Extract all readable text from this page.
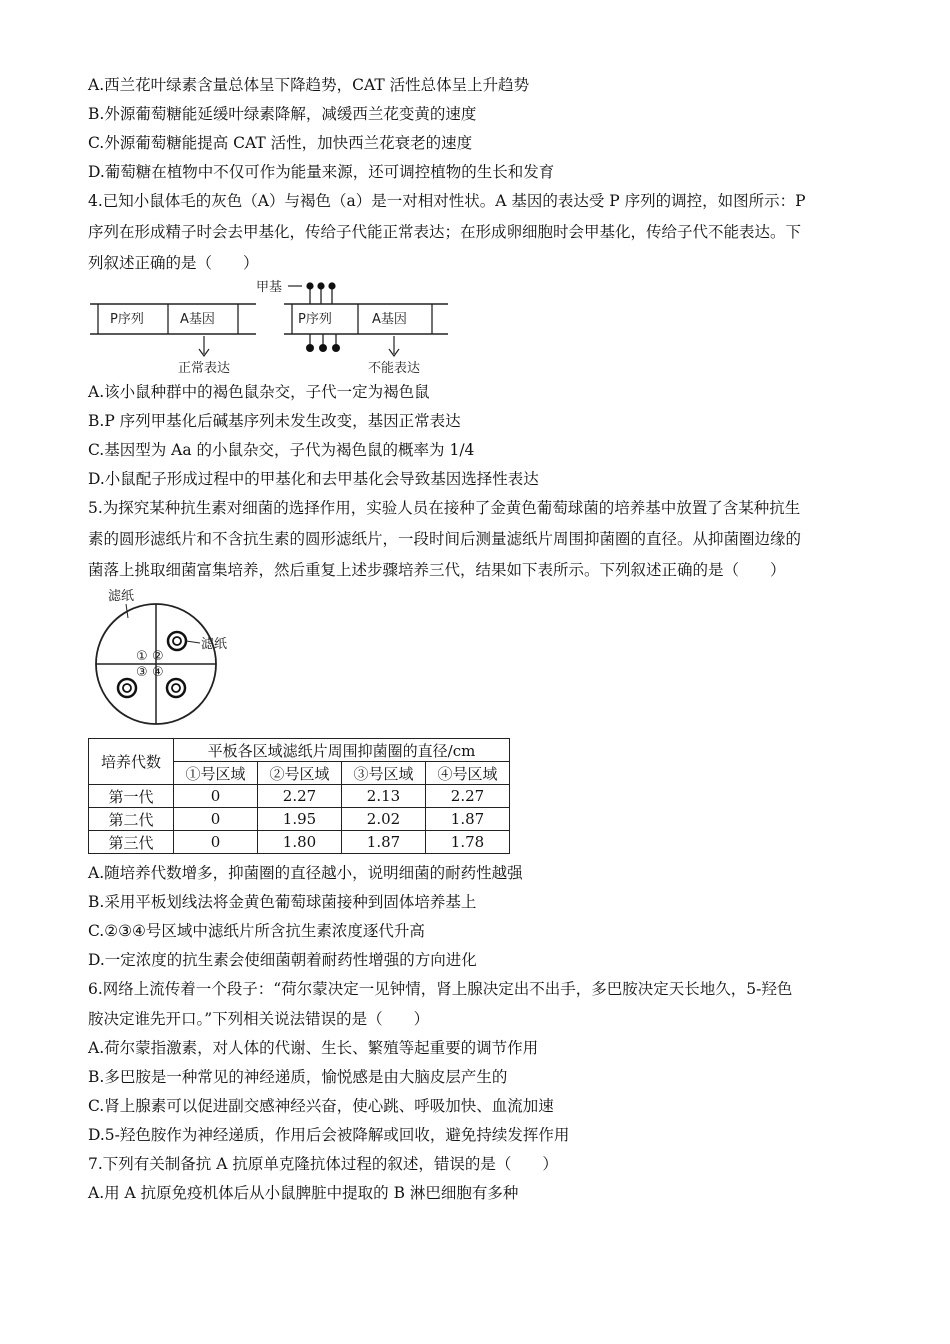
A.西兰花叶绿素含量总体呈下降趋势，CAT 活性总体呈上升趋势
B.外源葡萄糖能延缓叶绿素降解，减缓西兰花变黄的速度
C.外源葡萄糖能提高 CAT 活性，加快西兰花衰老的速度
D.葡萄糖在植物中不仅可作为能量来源，还可调控植物的生长和发育
4.已知小鼠体毛的灰色（A）与褐色（a）是一对相对性状。A 基因的表达受 P 序列的调控，如图所示：P
序列在形成精子时会去甲基化，传给子代能正常表达；在形成卵细胞时会甲基化，传给子代不能表达。下
列叙述正确的是（　　）
P序列	A基因
正常表达
甲基
P序列	A基因
不能表达
A.该小鼠种群中的褐色鼠杂交，子代一定为褐色鼠
B.P 序列甲基化后碱基序列未发生改变，基因正常表达
C.基因型为 Aa 的小鼠杂交，子代为褐色鼠的概率为 1/4
D.小鼠配子形成过程中的甲基化和去甲基化会导致基因选择性表达
5.为探究某种抗生素对细菌的选择作用，实验人员在接种了金黄色葡萄球菌的培养基中放置了含某种抗生
素的圆形滤纸片和不含抗生素的圆形滤纸片，一段时间后测量滤纸片周围抑菌圈的直径。从抑菌圈边缘的
菌落上挑取细菌富集培养，然后重复上述步骤培养三代，结果如下表所示。下列叙述正确的是（　　）
滤纸
滤纸
① ②
③ ④
培养代数	平板各区域滤纸片周围抑菌圈的直径/cm			
	①号区域	②号区域	③号区域	④号区域
第一代	0	2.27	2.13	2.27
第二代	0	1.95	2.02	1.87
第三代	0	1.80	1.87	1.78
A.随培养代数增多，抑菌圈的直径越小，说明细菌的耐药性越强
B.采用平板划线法将金黄色葡萄球菌接种到固体培养基上
C.②③④号区域中滤纸片所含抗生素浓度逐代升高
D.一定浓度的抗生素会使细菌朝着耐药性增强的方向进化
6.网络上流传着一个段子：“荷尔蒙决定一见钟情，肾上腺决定出不出手，多巴胺决定天长地久，5-羟色
胺决定谁先开口。”下列相关说法错误的是（　　）
A.荷尔蒙指激素，对人体的代谢、生长、繁殖等起重要的调节作用
B.多巴胺是一种常见的神经递质，愉悦感是由大脑皮层产生的
C.肾上腺素可以促进副交感神经兴奋，使心跳、呼吸加快、血流加速
D.5-羟色胺作为神经递质，作用后会被降解或回收，避免持续发挥作用
7.下列有关制备抗 A 抗原单克隆抗体过程的叙述，错误的是（　　）
A.用 A 抗原免疫机体后从小鼠脾脏中提取的 B 淋巴细胞有多种
